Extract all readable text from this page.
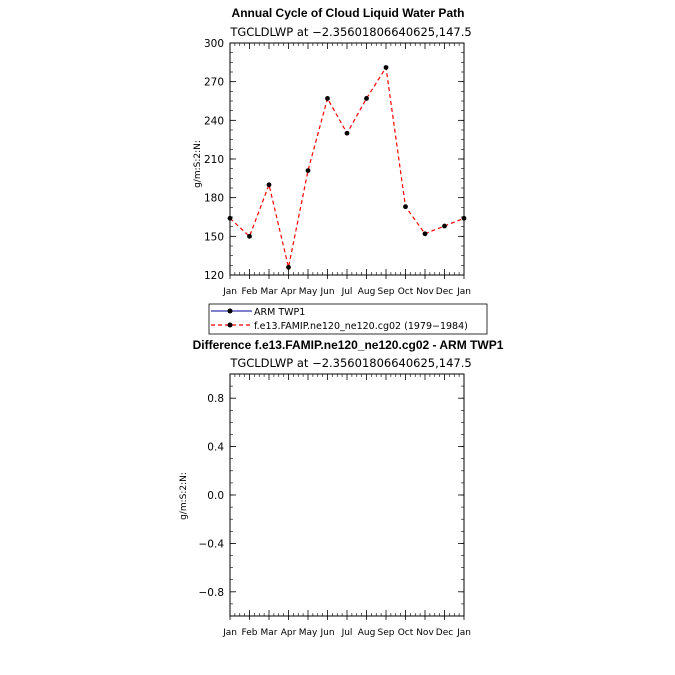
Annual Cycle of Cloud Liquid Water Path
TGCLDLWP at −2.35601806640625,147.5
g/m:S:2:N:
Jan Feb Mar Apr May Jun Jul Aug Sep Oct Nov Dec Jan
120
150
180
210
240
270
300
ARM TWP1
f.e13.FAMIP.ne120_ne120.cg02 (1979−1984)
Difference f.e13.FAMIP.ne120_ne120.cg02 - ARM TWP1
TGCLDLWP at −2.35601806640625,147.5
g/m:S:2:N:
Jan Feb Mar Apr May Jun Jul Aug Sep Oct Nov Dec Jan
−0.8
−0.4
0.0
0.4
0.8
